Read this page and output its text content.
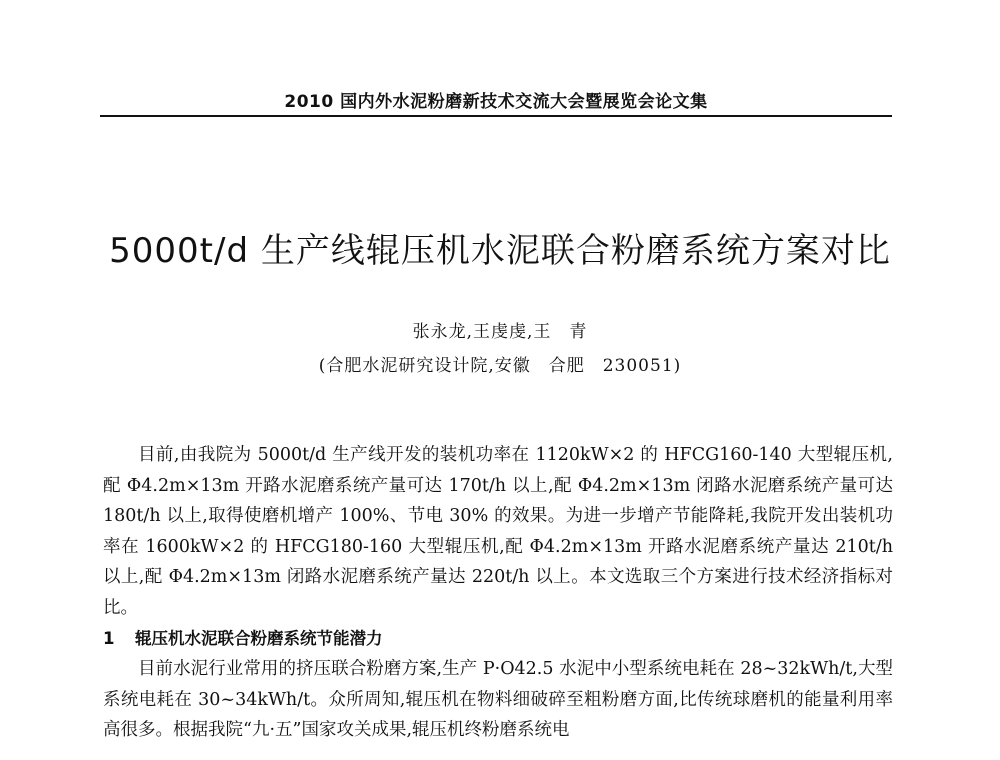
2010 国内外水泥粉磨新技术交流大会暨展览会论文集
5000t/d 生产线辊压机水泥联合粉磨系统方案对比
张永龙,王虔虔,王　青
(合肥水泥研究设计院,安徽　合肥　230051)

目前,由我院为 5000t/d 生产线开发的装机功率在 1120kW×2 的 HFCG160-140 大型辊压机,配 Φ4.2m×13m 开路水泥磨系统产量可达 170t/h 以上,配 Φ4.2m×13m 闭路水泥磨系统产量可达 180t/h 以上,取得使磨机增产 100%、节电 30% 的效果。为进一步增产节能降耗,我院开发出装机功率在 1600kW×2 的 HFCG180-160 大型辊压机,配 Φ4.2m×13m 开路水泥磨系统产量达 210t/h 以上,配 Φ4.2m×13m 闭路水泥磨系统产量达 220t/h 以上。本文选取三个方案进行技术经济指标对比。

1 辊压机水泥联合粉磨系统节能潜力

目前水泥行业常用的挤压联合粉磨方案,生产 P·O42.5 水泥中小型系统电耗在 28~32kWh/t,大型系统电耗在 30~34kWh/t。众所周知,辊压机在物料细破碎至粗粉磨方面,比传统球磨机的能量利用率高很多。根据我院“九·五”国家攻关成果,辊压机终粉磨系统电
